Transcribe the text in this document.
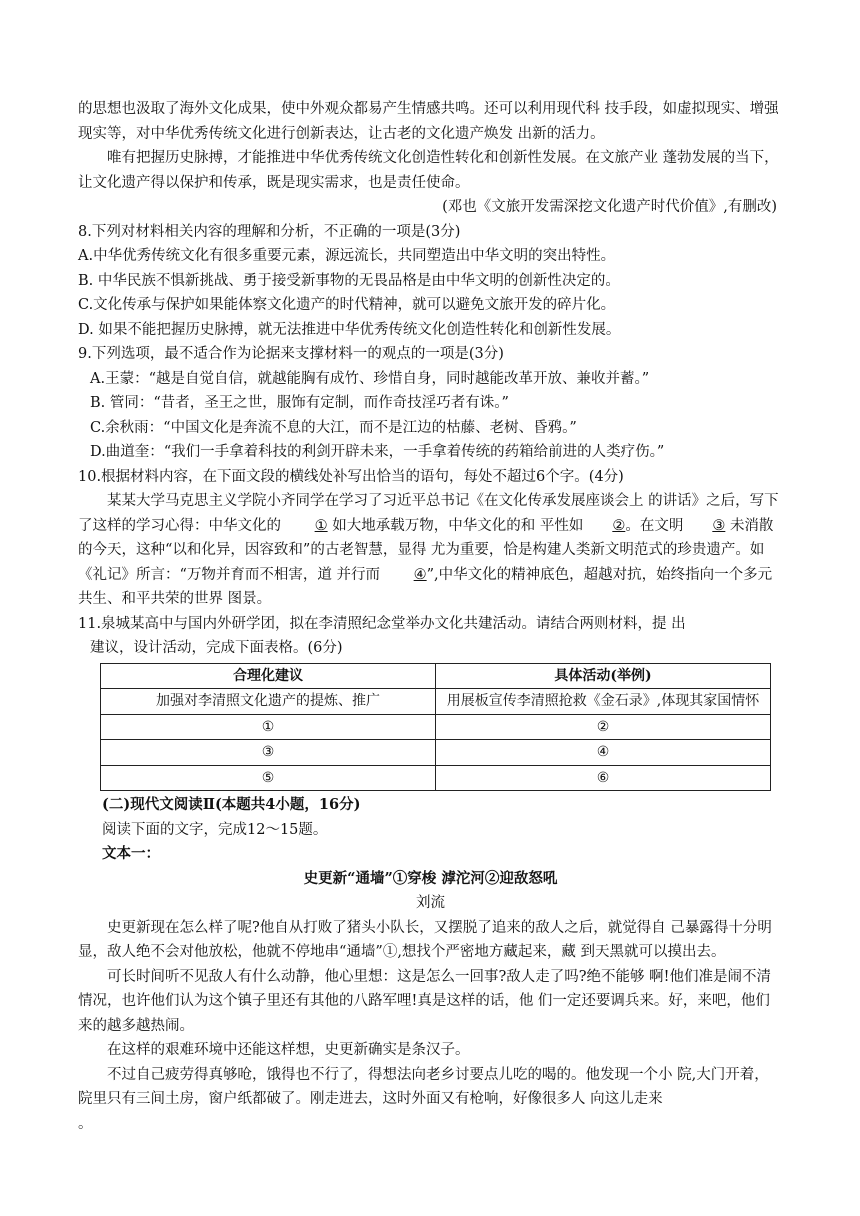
的思想也汲取了海外文化成果，使中外观众都易产生情感共鸣。还可以利用现代科 技手段，如虚拟现实、增强现实等，对中华优秀传统文化进行创新表达，让古老的文化遗产焕发 出新的活力。

唯有把握历史脉搏，才能推进中华优秀传统文化创造性转化和创新性发展。在文旅产业 蓬勃发展的当下，让文化遗产得以保护和传承，既是现实需求，也是责任使命。

(邓也《文旅开发需深挖文化遗产时代价值》,有删改)

8.下列对材料相关内容的理解和分析，不正确的一项是(3分)

A.中华优秀传统文化有很多重要元素，源远流长，共同塑造出中华文明的突出特性。

B. 中华民族不惧新挑战、勇于接受新事物的无畏品格是由中华文明的创新性决定的。

C.文化传承与保护如果能体察文化遗产的时代精神，就可以避免文旅开发的碎片化。

D. 如果不能把握历史脉搏，就无法推进中华优秀传统文化创造性转化和创新性发展。

9.下列选项，最不适合作为论据来支撑材料一的观点的一项是(3分)

A.王蒙：“越是自觉自信，就越能胸有成竹、珍惜自身，同时越能改革开放、兼收并蓄。”

B. 管同：“昔者，圣王之世，服饰有定制，而作奇技淫巧者有诛。”

C.余秋雨：“中国文化是奔流不息的大江，而不是江边的枯藤、老树、昏鸦。”

D.曲道奎：“我们一手拿着科技的利剑开辟未来，一手拿着传统的药箱给前进的人类疗伤。”

10.根据材料内容，在下面文段的横线处补写出恰当的语句，每处不超过6个字。(4分)

某某大学马克思主义学院小齐同学在学习了习近平总书记《在文化传承发展座谈会上 的讲话》之后，写下了这样的学习心得：中华文化的 ① 如大地承载万物，中华文化的和 平性如 ②。在文明 ③ 未消散的今天，这种“以和化异，因容致和”的古老智慧，显得 尤为重要，恰是构建人类新文明范式的珍贵遗产。如《礼记》所言：“万物并育而不相害，道 并行而 ④”,中华文化的精神底色，超越对抗，始终指向一个多元共生、和平共荣的世界 图景。

11.泉城某高中与国内外研学团，拟在李清照纪念堂举办文化共建活动。请结合两则材料，提 出

建议，设计活动，完成下面表格。(6分)

合理化建议	具体活动(举例)
加强对李清照文化遗产的提炼、推广	用展板宣传李清照抢救《金石录》,体现其家国情怀
①	②
③	④
⑤	⑥

(二)现代文阅读Ⅱ(本题共4小题，16分)

阅读下面的文字，完成12～15题。

文本一：

史更新“通墙”①穿梭 滹沱河②迎敌怒吼

刘流

史更新现在怎么样了呢?他自从打败了猪头小队长，又摆脱了追来的敌人之后，就觉得自 己暴露得十分明显，敌人绝不会对他放松，他就不停地串“通墙”①,想找个严密地方藏起来，藏 到天黑就可以摸出去。

可长时间听不见敌人有什么动静，他心里想：这是怎么一回事?敌人走了吗?绝不能够 啊!他们准是闹不清情况，也许他们认为这个镇子里还有其他的八路军哩!真是这样的话，他 们一定还要调兵来。好，来吧，他们来的越多越热闹。

在这样的艰难环境中还能这样想，史更新确实是条汉子。

不过自己疲劳得真够呛，饿得也不行了，得想法向老乡讨要点儿吃的喝的。他发现一个小 院,大门开着，院里只有三间土房，窗户纸都破了。刚走进去，这时外面又有枪响，好像很多人 向这儿走来
。
